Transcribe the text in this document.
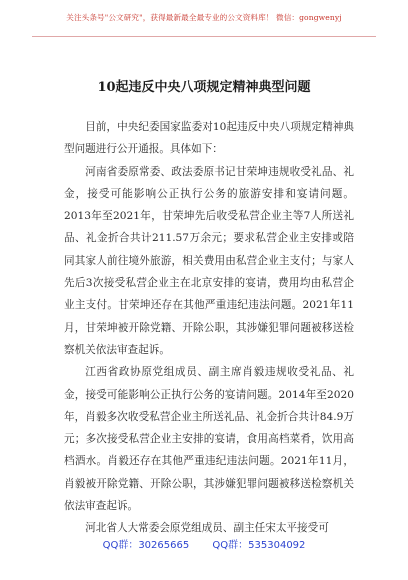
关注头条号"公文研究"，获得最新最全最专业的公文资料库！ 微信：gongwenyj
10起违反中央八项规定精神典型问题

目前，中央纪委国家监委对10起违反中央八项规定精神典型问题进行公开通报。具体如下：

河南省委原常委、政法委原书记甘荣坤违规收受礼品、礼金，接受可能影响公正执行公务的旅游安排和宴请问题。2013年至2021年，甘荣坤先后收受私营企业主等7人所送礼品、礼金折合共计211.57万余元；要求私营企业主安排或陪同其家人前往境外旅游，相关费用由私营企业主支付；与家人先后3次接受私营企业主在北京安排的宴请，费用均由私营企业主支付。甘荣坤还存在其他严重违纪违法问题。2021年11月，甘荣坤被开除党籍、开除公职，其涉嫌犯罪问题被移送检察机关依法审查起诉。

江西省政协原党组成员、副主席肖毅违规收受礼品、礼金，接受可能影响公正执行公务的宴请问题。2014年至2020年，肖毅多次收受私营企业主所送礼品、礼金折合共计84.9万元；多次接受私营企业主安排的宴请，食用高档菜肴，饮用高档酒水。肖毅还存在其他严重违纪违法问题。2021年11月，肖毅被开除党籍、开除公职，其涉嫌犯罪问题被移送检察机关依法审查起诉。

河北省人大常委会原党组成员、副主任宋太平接受可

QQ群：30265665 QQ群：535304092
